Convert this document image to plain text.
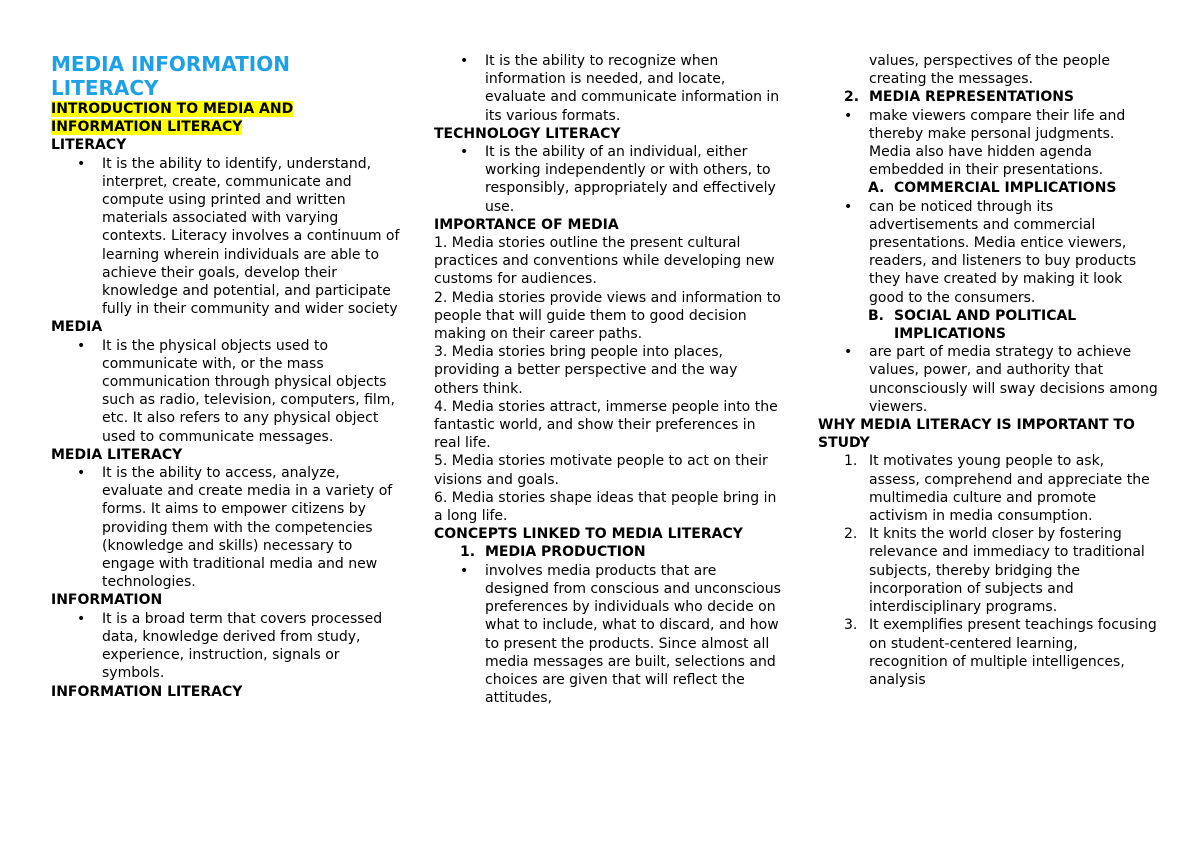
MEDIA INFORMATION LITERACY

INTRODUCTION TO MEDIA AND INFORMATION LITERACY

LITERACY

• It is the ability to identify, understand, interpret, create, communicate and compute using printed and written materials associated with varying contexts. Literacy involves a continuum of learning wherein individuals are able to achieve their goals, develop their knowledge and potential, and participate fully in their community and wider society

MEDIA

• It is the physical objects used to communicate with, or the mass communication through physical objects such as radio, television, computers, film, etc. It also refers to any physical object used to communicate messages.

MEDIA LITERACY

• It is the ability to access, analyze, evaluate and create media in a variety of forms. It aims to empower citizens by providing them with the competencies (knowledge and skills) necessary to engage with traditional media and new technologies.

INFORMATION

• It is a broad term that covers processed data, knowledge derived from study, experience, instruction, signals or symbols.

INFORMATION LITERACY

• It is the ability to recognize when information is needed, and locate, evaluate and communicate information in its various formats.

TECHNOLOGY LITERACY

• It is the ability of an individual, either working independently or with others, to responsibly, appropriately and effectively use.

IMPORTANCE OF MEDIA

1. Media stories outline the present cultural practices and conventions while developing new customs for audiences.

2. Media stories provide views and information to people that will guide them to good decision making on their career paths.

3. Media stories bring people into places, providing a better perspective and the way others think.

4. Media stories attract, immerse people into the fantastic world, and show their preferences in real life.

5. Media stories motivate people to act on their visions and goals.

6. Media stories shape ideas that people bring in a long life.

CONCEPTS LINKED TO MEDIA LITERACY

1. MEDIA PRODUCTION

• involves media products that are designed from conscious and unconscious preferences by individuals who decide on what to include, what to discard, and how to present the products. Since almost all media messages are built, selections and choices are given that will reflect the attitudes,

values, perspectives of the people creating the messages.

2. MEDIA REPRESENTATIONS

• make viewers compare their life and thereby make personal judgments. Media also have hidden agenda embedded in their presentations.

A. COMMERCIAL IMPLICATIONS

• can be noticed through its advertisements and commercial presentations. Media entice viewers, readers, and listeners to buy products they have created by making it look good to the consumers.

B. SOCIAL AND POLITICAL IMPLICATIONS

• are part of media strategy to achieve values, power, and authority that unconsciously will sway decisions among viewers.

WHY MEDIA LITERACY IS IMPORTANT TO STUDY

1. It motivates young people to ask, assess, comprehend and appreciate the multimedia culture and promote activism in media consumption.
2. It knits the world closer by fostering relevance and immediacy to traditional subjects, thereby bridging the incorporation of subjects and interdisciplinary programs.
3. It exemplifies present teachings focusing on student-centered learning, recognition of multiple intelligences, analysis
